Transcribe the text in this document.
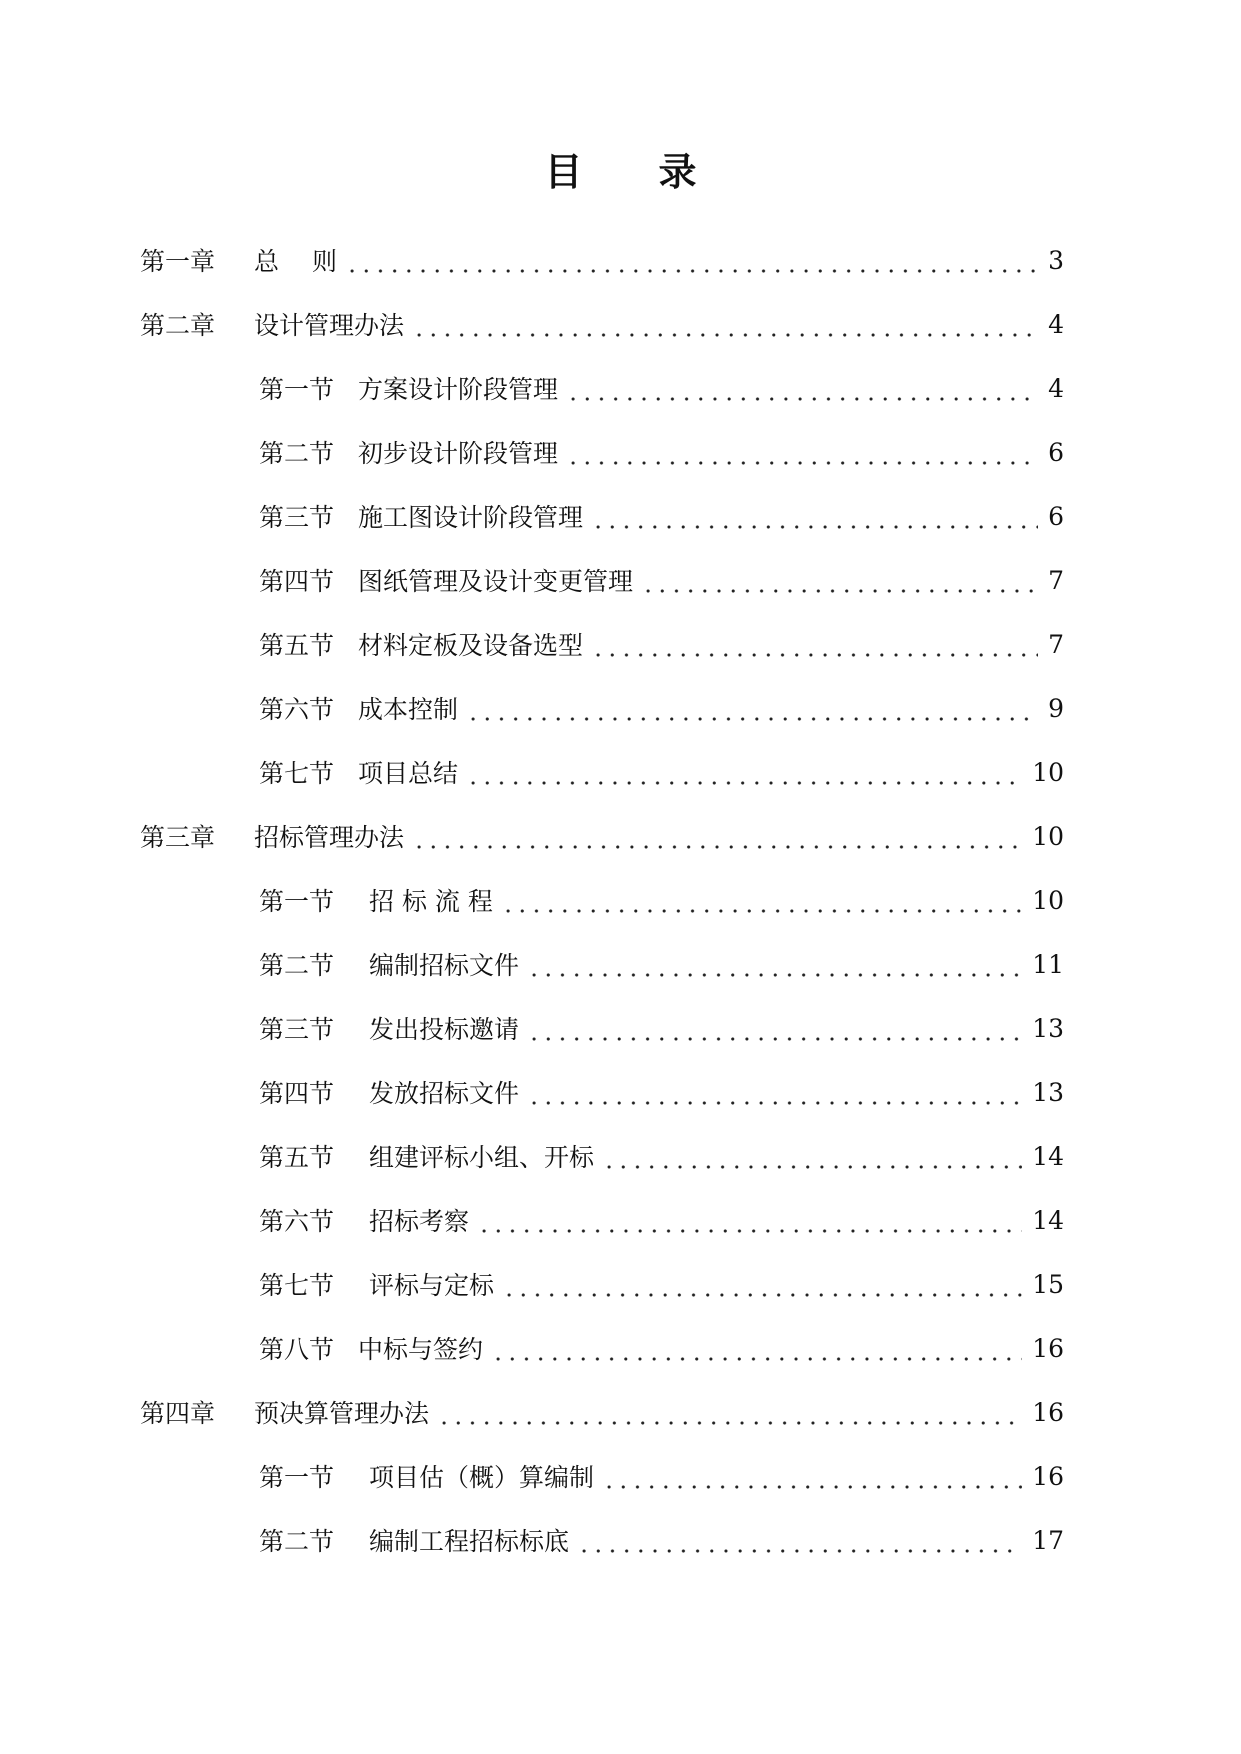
目　　录
第一章	总　 则	3
第二章	设计管理办法	4
第一节 方案设计阶段管理	4
第二节 初步设计阶段管理	6
第三节 施工图设计阶段管理	6
第四节 图纸管理及设计变更管理	7
第五节 材料定板及设备选型	7
第六节 成本控制	9
第七节 项目总结	10
第三章	招标管理办法	10
第一节	招 标 流 程	10
第二节	编制招标文件	11
第三节	发出投标邀请	13
第四节	发放招标文件	13
第五节	组建评标小组、开标	14
第六节	招标考察	14
第七节	评标与定标	15
第八节 中标与签约	16
第四章	预决算管理办法	16
第一节	项目估（概）算编制	16
第二节	编制工程招标标底	17
